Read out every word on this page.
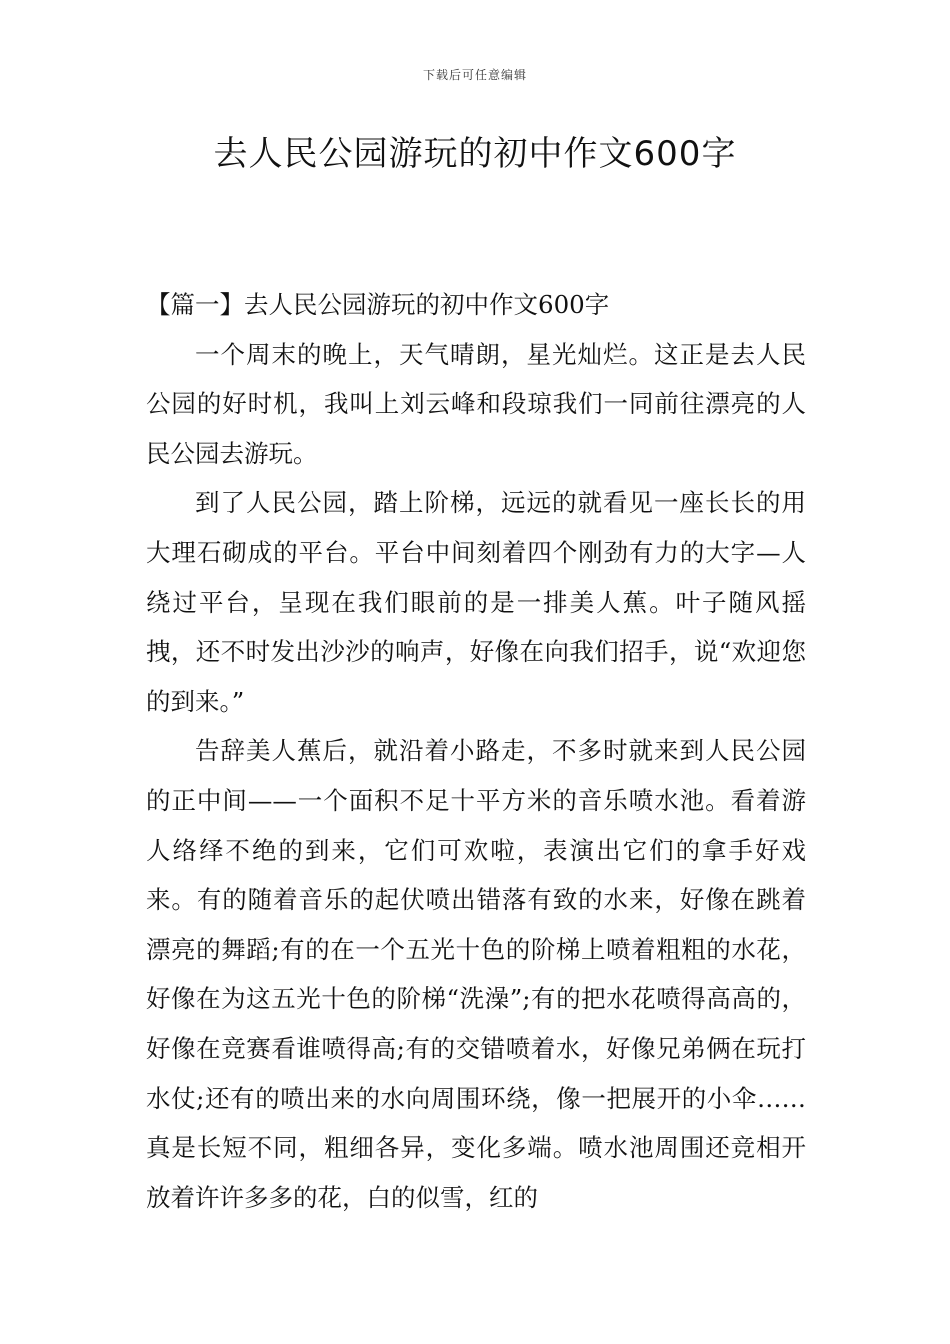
下载后可任意编辑
去人民公园游玩的初中作文600字

【篇一】去人民公园游玩的初中作文600字

一个周末的晚上，天气晴朗，星光灿烂。这正是去人民公园的好时机，我叫上刘云峰和段琼我们一同前往漂亮的人民公园去游玩。

到了人民公园，踏上阶梯，远远的就看见一座长长的用大理石砌成的平台。平台中间刻着四个刚劲有力的大字—人绕过平台，呈现在我们眼前的是一排美人蕉。叶子随风摇拽，还不时发出沙沙的响声，好像在向我们招手，说“欢迎您的到来。”

告辞美人蕉后，就沿着小路走，不多时就来到人民公园的正中间——一个面积不足十平方米的音乐喷水池。看着游人络绎不绝的到来，它们可欢啦，表演出它们的拿手好戏来。有的随着音乐的起伏喷出错落有致的水来，好像在跳着漂亮的舞蹈;有的在一个五光十色的阶梯上喷着粗粗的水花，好像在为这五光十色的阶梯“洗澡”;有的把水花喷得高高的，好像在竞赛看谁喷得高;有的交错喷着水，好像兄弟俩在玩打水仗;还有的喷出来的水向周围环绕，像一把展开的小伞……真是长短不同，粗细各异，变化多端。喷水池周围还竞相开放着许许多多的花，白的似雪，红的
